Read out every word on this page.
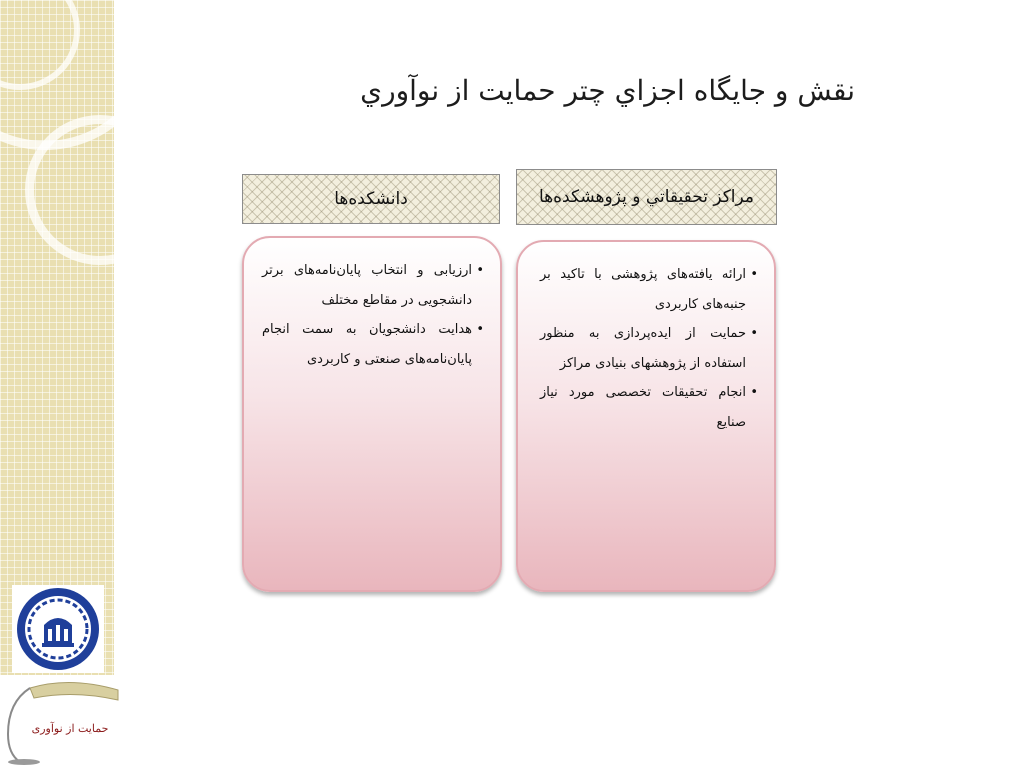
نقش و جايگاه اجزاي چتر حمايت از نوآوري
دانشکده‌ها	مراكز تحقيقاتي و پژوهشکده‌ها
• ارزیابی و انتخاب پایان‌نامه‌های برتر دانشجویی در مقاطع مختلف
• هدایت دانشجویان به سمت انجام پایان‌نامه‌های صنعتی و کاربردی
• ارائه یافته‌های پژوهشی با تاکید بر جنبه‌های کاربردی
• حمایت از ایده‌پردازی به منظور استفاده از پژوهشهای بنیادی مراکز
• انجام تحقیقات تخصصی مورد نیاز صنایع
حمایت از نوآوری
